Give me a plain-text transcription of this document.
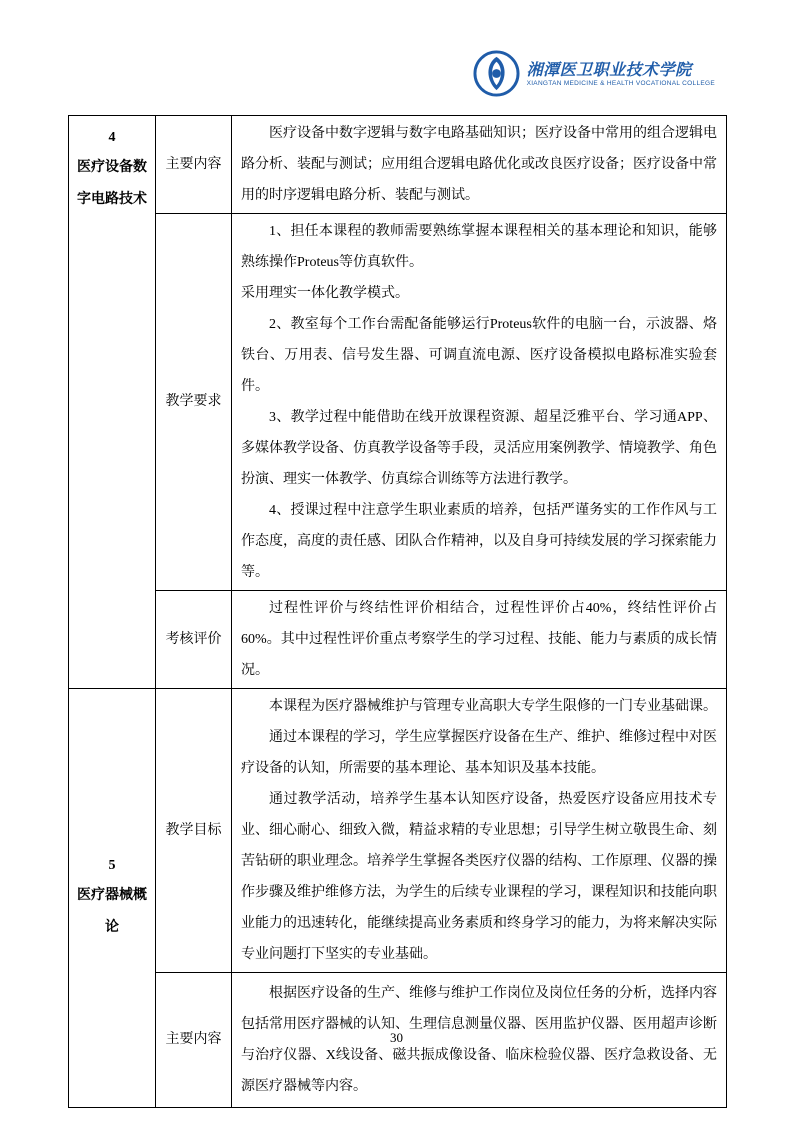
湘潭医卫职业技术学院
XIANGTAN MEDICINE & HEALTH VOCATIONAL COLLEGE
4
医疗设备数字电路技术	主要内容	医疗设备中数字逻辑与数字电路基础知识；医疗设备中常用的组合逻辑电路分析、装配与测试；应用组合逻辑电路优化或改良医疗设备；医疗设备中常用的时序逻辑电路分析、装配与测试。

	教学要求	1、担任本课程的教师需要熟练掌握本课程相关的基本理论和知识，能够熟练操作Proteus等仿真软件。

采用理实一体化教学模式。

2、教室每个工作台需配备能够运行Proteus软件的电脑一台，示波器、烙铁台、万用表、信号发生器、可调直流电源、医疗设备模拟电路标准实验套件。

3、教学过程中能借助在线开放课程资源、超星泛雅平台、学习通APP、多媒体教学设备、仿真教学设备等手段，灵活应用案例教学、情境教学、角色扮演、理实一体教学、仿真综合训练等方法进行教学。

4、授课过程中注意学生职业素质的培养，包括严谨务实的工作作风与工作态度，高度的责任感、团队合作精神，以及自身可持续发展的学习探索能力等。

	考核评价	过程性评价与终结性评价相结合，过程性评价占40%，终结性评价占60%。其中过程性评价重点考察学生的学习过程、技能、能力与素质的成长情况。

5
医疗器械概论
	教学目标	

本课程为医疗器械维护与管理专业高职大专学生限修的一门专业基础课。

通过本课程的学习，学生应掌握医疗设备在生产、维护、维修过程中对医疗设备的认知，所需要的基本理论、基本知识及基本技能。

通过教学活动，培养学生基本认知医疗设备，热爱医疗设备应用技术专业、细心耐心、细致入微，精益求精的专业思想；引导学生树立敬畏生命、刻苦钻研的职业理念。培养学生掌握各类医疗仪器的结构、工作原理、仪器的操作步骤及维护维修方法，为学生的后续专业课程的学习，课程知识和技能向职业能力的迅速转化，能继续提高业务素质和终身学习的能力，为将来解决实际专业问题打下坚实的专业基础。

	主要内容	根据医疗设备的生产、维修与维护工作岗位及岗位任务的分析，选择内容包括常用医疗器械的认知、生理信息测量仪器、医用监护仪器、医用超声诊断与治疗仪器、X线设备、磁共振成像设备、临床检验仪器、医疗急救设备、无源医疗器械等内容。

30
